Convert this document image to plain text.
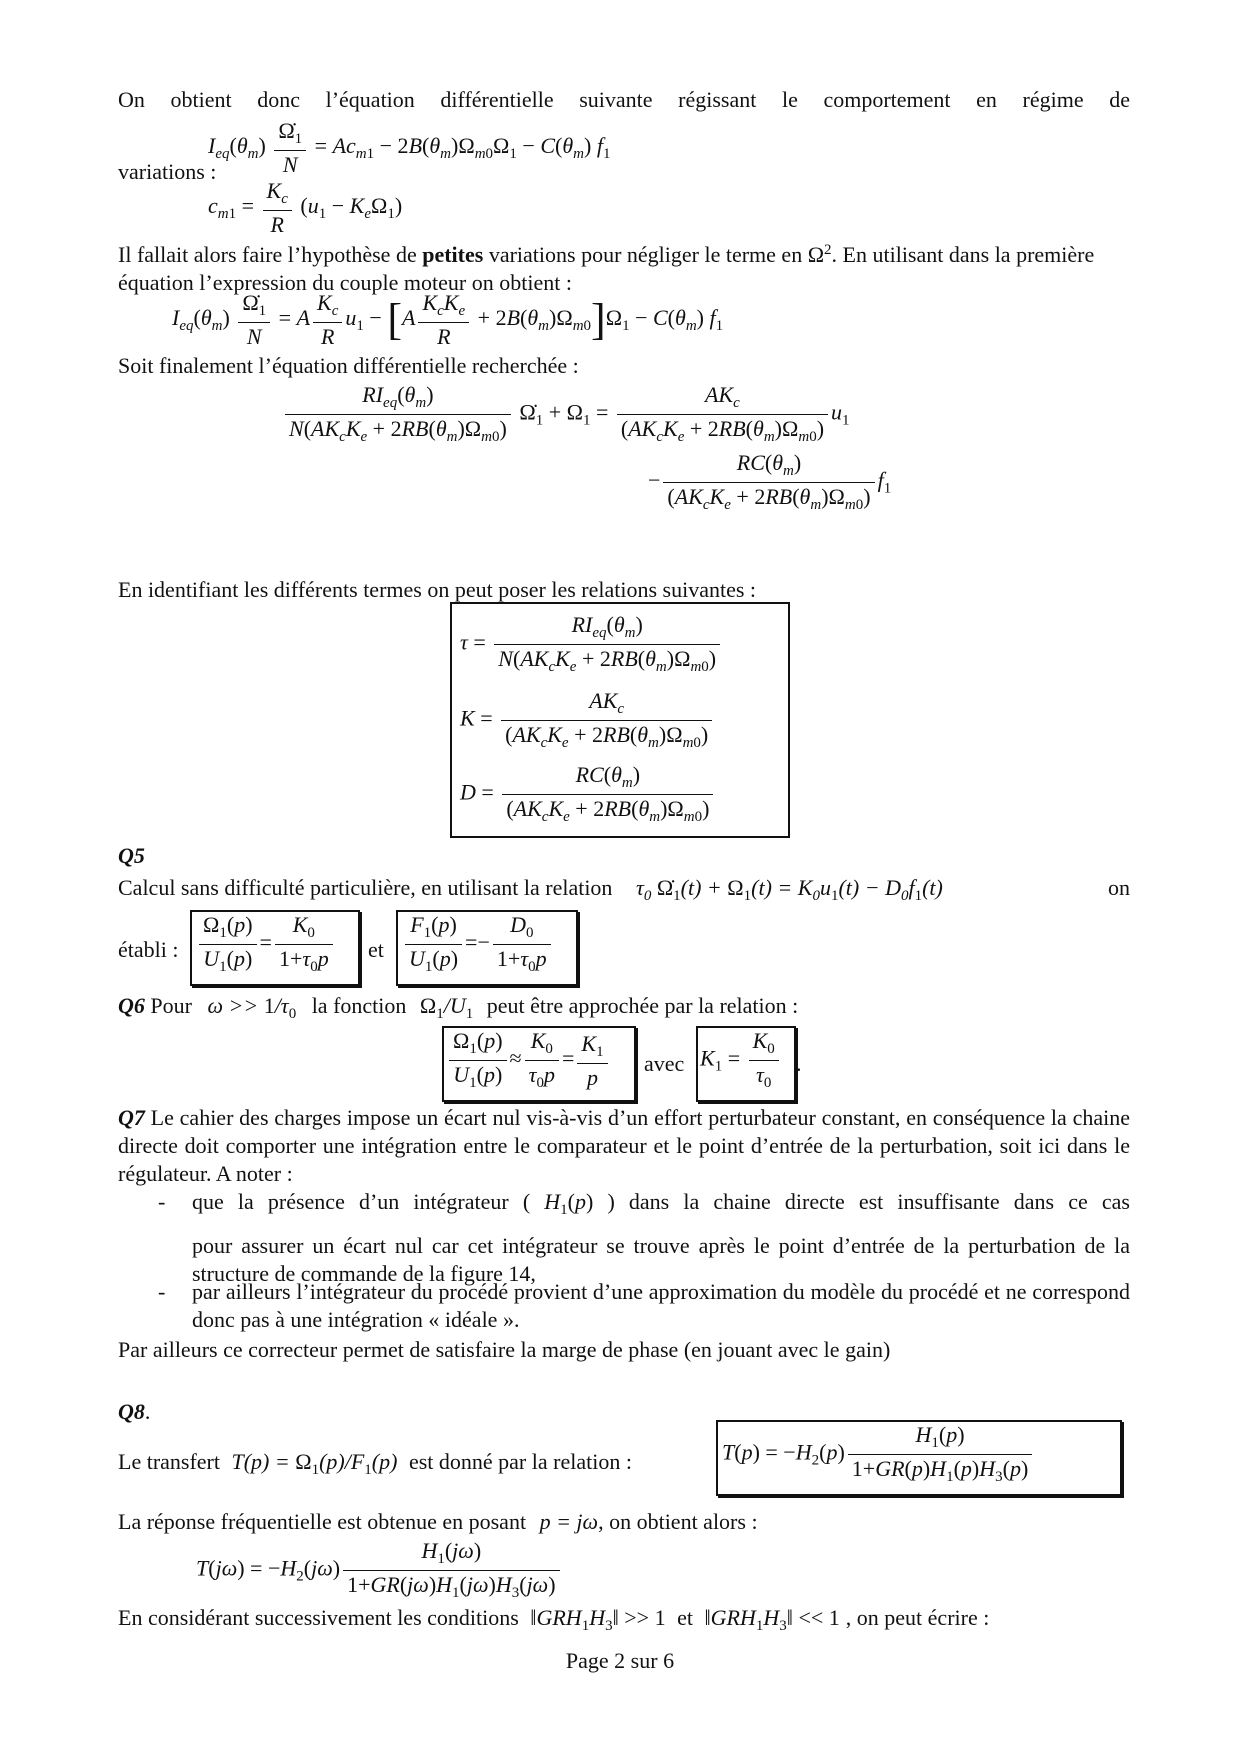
On obtient donc l’équation différentielle suivante régissant le comportement en régime de
$I_{eq}(\theta_m) \frac{\Omegȧ_1}{N} = Ac_{m1} - 2B(\theta_m)\Omega_{m0}\Omega_1 - C(\theta_m)$ $f_1$
variations :
$c_{m1} = \frac{K_c}{R} (u_1 - K_e\Omega_1)$
Il fallait alors faire l’hypothèse de petites variations pour négliger le terme en $\Omega^2$. En utilisant dans la première équation l’expression du couple moteur on obtient :
$I_{eq}(\theta_m) \frac{\Omegȧ_1}{N} = A \frac{K_c}{R} u_1 - [A \frac{K_cK_e}{R} + 2B(\theta_m)\Omega_{m0}]\Omega_1 - C(\theta_m)$ $f_1$
Soit finalement l’équation différentielle recherchée :
$\frac{RI_{eq}(\theta_m)}{N(AK_cK_e + 2RB(\theta_m)\Omega_{m0})}$ $\Omegȧ_1 + \Omega_1 = \frac{AK_c}{(AK_cK_e + 2RB(\theta_m)\Omega_{m0})} u_1$
− $\frac{RC(\theta_m)}{(AK_cK_e + 2RB(\theta_m)\Omega_{m0})} f_1$
En identifiant les différents termes on peut poser les relations suivantes :
$\tau = \frac{RI_{eq}(\theta_m)}{N(AK_cK_e + 2RB(\theta_m)\Omega_{m0})}$
$K = \frac{AK_c}{(AK_cK_e + 2RB(\theta_m)\Omega_{m0})}$
$D = \frac{RC(\theta_m)}{(AK_cK_e + 2RB(\theta_m)\Omega_{m0})}$
Q5
Calcul sans difficulté particulière, en utilisant la relation $\tau_0$ $\Omegȧ_1(t) + \Omega_1(t) = K_0u_1(t) - D_0f_1(t)$	on
établi : $\frac{\Omega_1(p)}{U_1(p)} = \frac{K_0}{1+\tau_0p}$ et $\frac{F_1(p)}{U_1(p)} =- \frac{D_0}{1+\tau_0p}$
Q6 Pour $\omega >> 1/\tau_0$ la fonction $\Omega_1/U_1$ peut être approchée par la relation :
$\frac{\Omega_1(p)}{U_1(p)} \approx \frac{K_0}{\tau_0p} = \frac{K_1}{p}$ avec $K_1 = \frac{K_0}{\tau_0}$ .
Q7 Le cahier des charges impose un écart nul vis-à-vis d’un effort perturbateur constant, en conséquence la chaine directe doit comporter une intégration entre le comparateur et le point d’entrée de la perturbation, soit ici dans le régulateur. A noter :
- que la présence d’un intégrateur ( $H_1(p)$ ) dans la chaine directe est insuffisante dans ce cas
pour assurer un écart nul car cet intégrateur se trouve après le point d’entrée de la perturbation de la structure de commande de la figure 14,
- par ailleurs l’intégrateur du procédé provient d’une approximation du modèle du procédé et ne correspond donc pas à une intégration « idéale ».
Par ailleurs ce correcteur permet de satisfaire la marge de phase (en jouant avec le gain)
Q8.
Le transfert $T(p) = \Omega_1(p)/F_1(p)$ est donné par la relation :	$T(p) = -H_2(p) \frac{H_1(p)}{1+GR(p)H_1(p)H_3(p)}$
La réponse fréquentielle est obtenue en posant p = jω, on obtient alors :
$T(j\omega) = -H_2(j\omega) \frac{H_1(j\omega)}{1+GR(j\omega)H_1(j\omega)H_3(j\omega)}$
En considérant successivement les conditions $‖GRH_1H_3‖ >> 1$ et $‖GRH_1H_3‖ << 1$ , on peut écrire :
Page 2 sur 6
